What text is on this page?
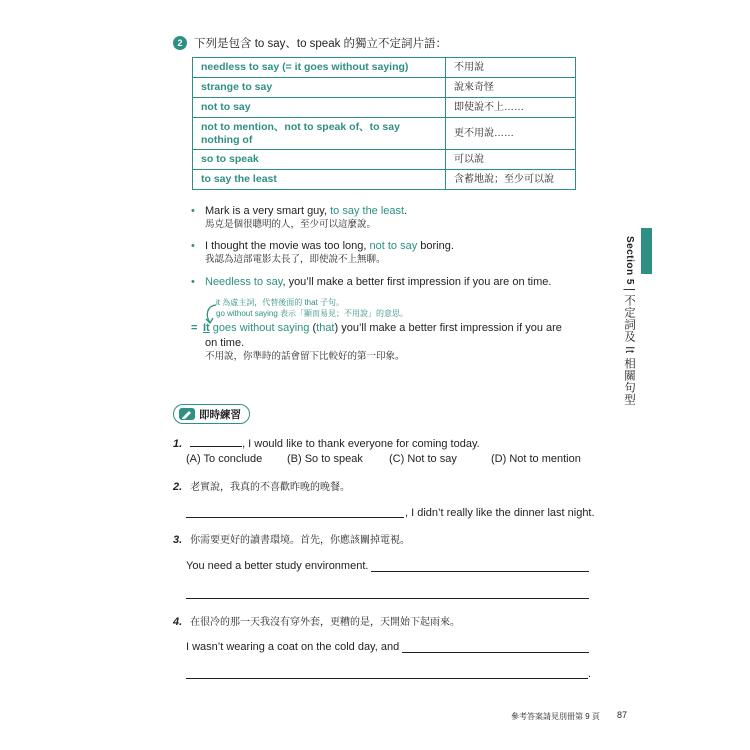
2	下列是包含 to say、to speak 的獨立不定詞片語：
needless to say (= it goes without saying)	不用說
strange to say	說來奇怪
not to say	即使說不上……
not to mention、not to speak of、to say nothing of	更不用說……
so to speak	可以說
to say the least	含蓄地說；至少可以說
• Mark is a very smart guy, to say the least.
馬克是個很聰明的人，至少可以這麼說。
• I thought the movie was too long, not to say boring.
我認為這部電影太長了，即使說不上無聊。
• Needless to say, you’ll make a better first impression if you are on time.
it 為虛主詞，代替後面的 that 子句。
go without saying 表示「顯而易見；不用說」的意思。
= It goes without saying (that) you’ll make a better first impression if you are
on time.
不用說，你準時的話會留下比較好的第一印象。
Section 5|不定詞及 It 相關句型
即時練習
1.	, I would like to thank everyone for coming today.
(A) To conclude (B) So to speak (C) Not to say	(D) Not to mention
2. 老實說，我真的不喜歡昨晚的晚餐。
, I didn’t really like the dinner last night.
3. 你需要更好的讀書環境。首先，你應該關掉電視。
You need a better study environment.
4. 在很冷的那一天我沒有穿外套，更糟的是，天開始下起雨來。
I wasn’t wearing a coat on the cold day, and
.
參考答案請見別冊第 9 頁 87
